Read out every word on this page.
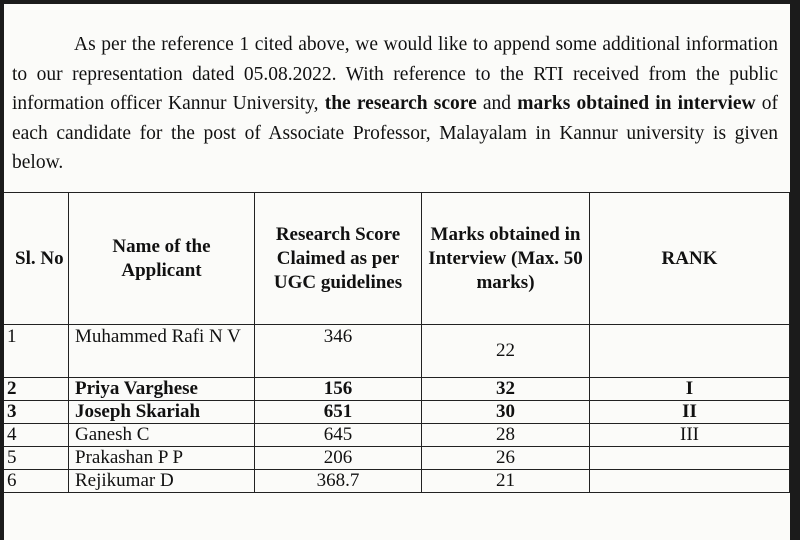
As per the reference 1 cited above, we would like to append some additional information to our representation dated 05.08.2022. With reference to the RTI received from the public information officer Kannur University, the research score and marks obtained in interview of each candidate for the post of Associate Professor, Malayalam in Kannur university is given below.

Sl. No	Name of the Applicant	Research Score Claimed as per UGC guidelines	Marks obtained in Interview (Max. 50 marks)	RANK
1	Muhammed Rafi N V	346	22	
2	Priya Varghese	156	32	I
3	Joseph Skariah	651	30	II
4	Ganesh C	645	28	III
5	Prakashan P P	206	26	
6	Rejikumar D	368.7	21	
